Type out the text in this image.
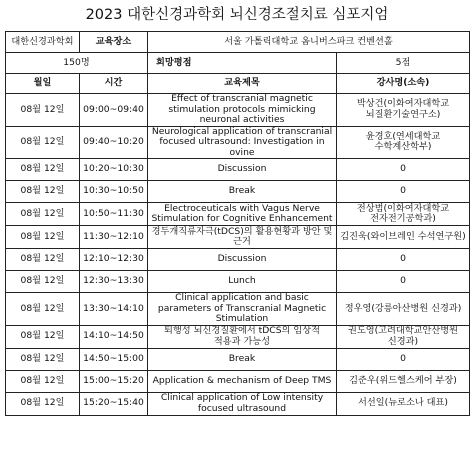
2023 대한신경과학회 뇌신경조절치료 심포지엄
대한신경과학회	교육장소	서울 가톨릭대학교 옴니버스파크 컨벤션홀	
150명		희망평점	5점
월일	시간	교육제목	강사명(소속)
08월 12일	09:00~09:40	Effect of transcranial magnetic stimulation protocols mimicking neuronal activities	박상건(이화여자대학교 뇌질환기술연구소)
08월 12일	09:40~10:20	Neurological application of transcranial focused ultrasound: Investigation in ovine	윤경호(연세대학교 수학계산학부)
08월 12일	10:20~10:30	Discussion	0
08월 12일	10:30~10:50	Break	0
08월 12일	10:50~11:30	Electroceuticals with Vagus Nerve Stimulation for Cognitive Enhancement	전상범(이화여자대학교 전자전기공학과)
08월 12일	11:30~12:10	경두개직류자극(tDCS)의 활용현황과 방안 및 근거	김진욱(와이브레인 수석연구원)
08월 12일	12:10~12:30	Discussion	0
08월 12일	12:30~13:30	Lunch	0
08월 12일	13:30~14:10	Clinical application and basic parameters of Transcranial Magnetic Stimulation	정우영(강릉아산병원 신경과)
08월 12일	14:10~14:50	퇴행성 뇌신경질환에서 tDCS의 임상적 적용과 가능성	권도영(고려대학교안산병원 신경과)
08월 12일	14:50~15:00	Break	0
08월 12일	15:00~15:20	Application & mechanism of Deep TMS	김준우(위드헬스케어 부장)
08월 12일	15:20~15:40	Clinical application of Low intensity focused ultrasound	서선일(뉴로소나 대표)
